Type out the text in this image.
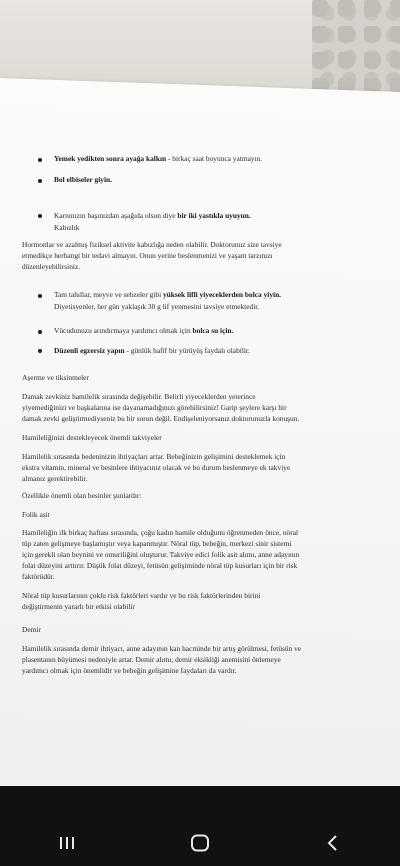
Yemek yedikten sonra ayağa kalkın - birkaç saat boyunca yatmayın.
Bol elbiseler giyin.
Karnınızın başınızdan aşağıda olsun diye bir iki yastıkla uyuyun.
Kabızlık
Hormonlar ve azalmış fiziksel aktivite kabızlığa neden olabilir. Doktorunuz size tavsiye
etmedikçe herhangi bir tedavi almayın. Onun yerine beslenmenizi ve yaşam tarzınızı
düzenleyebilirsiniz.
Tam tahıllar, meyve ve sebzeler gibi yüksek lifli yiyeceklerden bolca yiyin.
Diyetisyenler, her gün yaklaşık 30 g lif yenmesini tavsiye etmektedir.
Vücudunuzu arındırmaya yardımcı olmak için bolca su için.
Düzenli egzersiz yapın - günlük hafif bir yürüyüş faydalı olabilir.
Aşerme ve tiksinmeler
Damak zevkiniz hamilelik sırasında değişebilir. Belirli yiyeceklerden yeterince
yiyemediğinizi ve başkalarına ise dayanamadığınızı görebilirsiniz! Garip şeylere karşı bir
damak zevki geliştirmediyseniz bu bir sorun değil. Endişeleniyorsanız doktorunuzla konuşun.
Hamileliğinizi destekleyecek önemli takviyeler
Hamilelik sırasında bedeninizin ihtiyaçları artar. Bebeğinizin gelişimini desteklemek için
ekstra vitamin, mineral ve besinlere ihtiyacınız olacak ve bu durum beslenmeye ek takviye
almanız gerektirebilir.
Özellikle önemli olan besinler şunlardır:
Folik asit
Hamileliğin ilk birkaç haftası sırasında, çoğu kadın hamile olduğunu öğrenmeden önce, nöral
tüp zaten gelişmeye başlamıştır veya kapanmıştır. Nöral tüp, bebeğin, merkezi sinir sistemi
için gerekli olan beynini ve omuriliğini oluşturur. Takviye edici folik asit alımı, anne adayının
folat düzeyini arttırır. Düşük folat düzeyi, fetüsün gelişiminde nöral tüp kusurları için bir risk
faktörüdür.
Nöral tüp kusurlarının çoklu risk faktörleri vardır ve bu risk faktörlerinden birini
değiştirmenin yararlı bir etkisi olabilir
Demir
Hamilelik sırasında demir ihtiyacı, anne adayının kan hacminde bir artış görülmesi, fetüsün ve
plasentanın büyümesi nedeniyle artar. Demir alımı, demir eksikliği anemisini önlemeye
yardımcı olmak için önemlidir ve bebeğin gelişimine faydaları da vardır.
